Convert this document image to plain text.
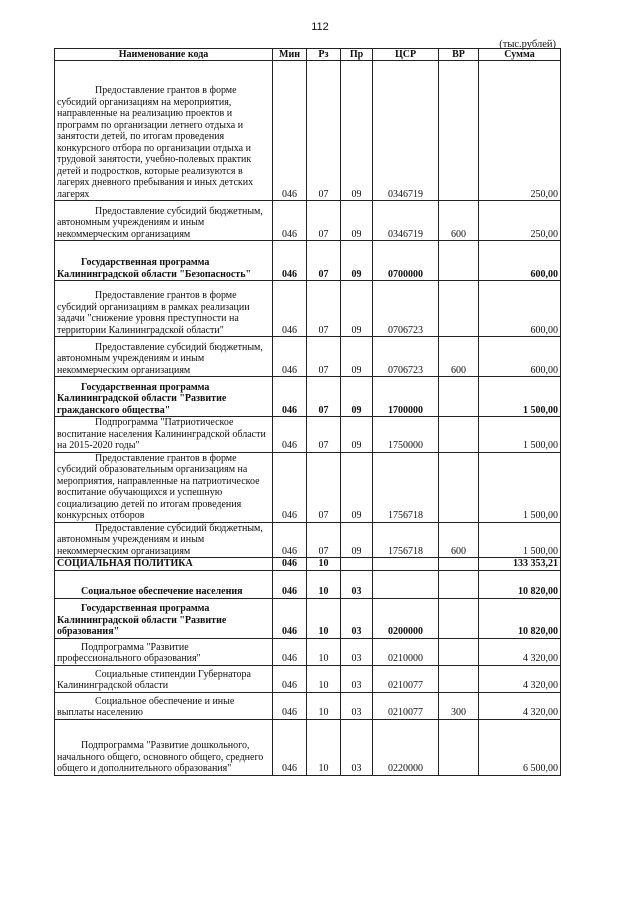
112
(тыс.рублей)
Наименование кода	Мин	Рз	Пр	ЦСР	ВР	Сумма
Предоставление грантов в форме субсидий организациям на мероприятия, направленные на реализацию проектов и программ по организации летнего отдыха и занятости детей, по итогам проведения конкурсного отбора по организации отдыха и трудовой занятости, учебно-полевых практик детей и подростков, которые реализуются в лагерях дневного пребывания и иных детских лагерях	046	07	09	0346719		250,00
Предоставление субсидий бюджетным, автономным учреждениям и иным некоммерческим организациям	046	07	09	0346719	600	250,00
Государственная программа Калининградской области "Безопасность"	046	07	09	0700000		600,00
Предоставление грантов в форме субсидий организациям в рамках реализации задачи "снижение уровня преступности на территории Калининградской области"	046	07	09	0706723		600,00
Предоставление субсидий бюджетным, автономным учреждениям и иным некоммерческим организациям	046	07	09	0706723	600	600,00
Государственная программа Калининградской области "Развитие гражданского общества"	046	07	09	1700000		1 500,00
Подпрограмма "Патриотическое воспитание населения Калининградской области на 2015-2020 годы"	046	07	09	1750000		1 500,00
Предоставление грантов в форме субсидий образовательным организациям на мероприятия, направленные на патриотическое воспитание обучающихся и успешную социализацию детей по итогам проведения конкурсных отборов	046	07	09	1756718		1 500,00
Предоставление субсидий бюджетным, автономным учреждениям и иным некоммерческим организациям	046	07	09	1756718	600	1 500,00
СОЦИАЛЬНАЯ ПОЛИТИКА	046	10				133 353,21
Социальное обеспечение населения	046	10	03			10 820,00
Государственная программа Калининградской области "Развитие образования"	046	10	03	0200000		10 820,00
Подпрограмма "Развитие профессионального образования"	046	10	03	0210000		4 320,00
Социальные стипендии Губернатора Калининградской области	046	10	03	0210077		4 320,00
Социальное обеспечение и иные выплаты населению	046	10	03	0210077	300	4 320,00
Подпрограмма "Развитие дошкольного, начального общего, основного общего, среднего общего и дополнительного образования"	046	10	03	0220000		6 500,00
